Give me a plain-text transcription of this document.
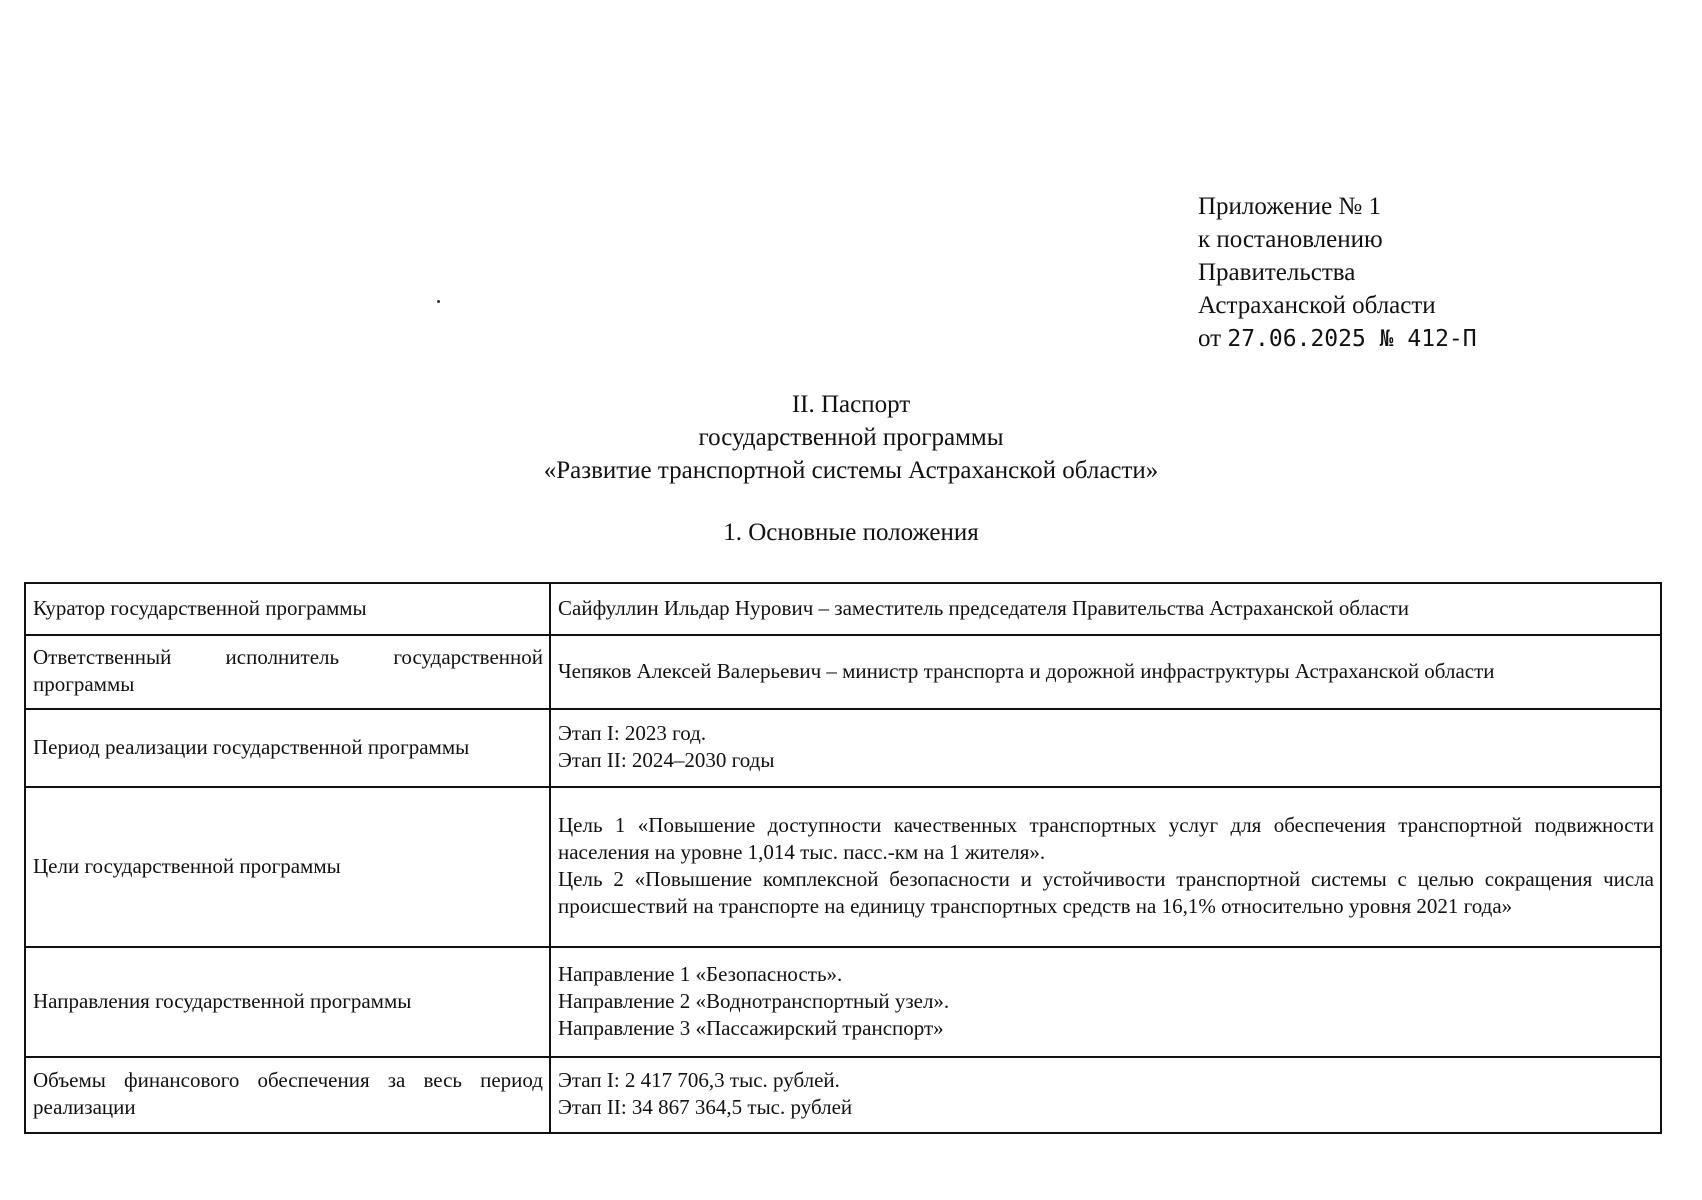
Приложение № 1
к постановлению
Правительства
Астраханской области
от 27.06.2025 № 412-П
II. Паспорт
государственной программы
«Развитие транспортной системы Астраханской области»
1. Основные положения
Куратор государственной программы	Сайфуллин Ильдар Нурович – заместитель председателя Правительства Астраханской области

Ответственный исполнитель государственной программы	Чепяков Алексей Валерьевич – министр транспорта и дорожной инфраструктуры Астраханской области

Период реализации государственной программы	Этап I: 2023 год.
Этап II: 2024–2030 годы

Цели государственной программы	Цель 1 «Повышение доступности качественных транспортных услуг для обеспечения транспортной подвижности населения на уровне 1,014 тыс. пасс.-км на 1 жителя».
Цель 2 «Повышение комплексной безопасности и устойчивости транспортной системы с целью сокращения числа происшествий на транспорте на единицу транспортных средств на 16,1% относительно уровня 2021 года»

Направления государственной программы	Направление 1 «Безопасность».
Направление 2 «Воднотранспортный узел».
Направление 3 «Пассажирский транспорт»

Объемы финансового обеспечения за весь период реализации	Этап I: 2 417 706,3 тыс. рублей.
Этап II: 34 867 364,5 тыс. рублей
